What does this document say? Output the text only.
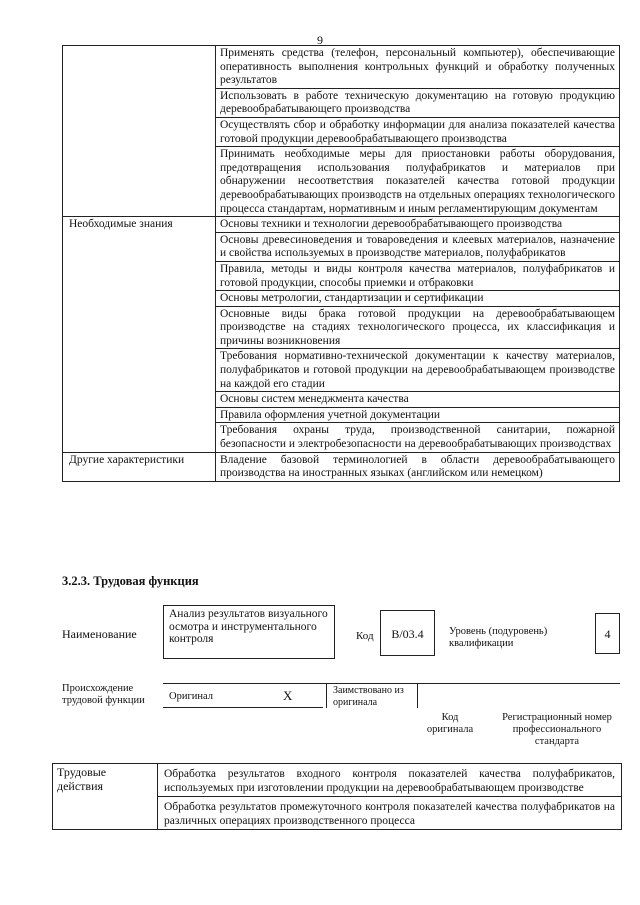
9
	Применять средства (телефон, персональный компьютер), обеспечивающие оперативность выполнения контрольных функций и обработку полученных результатов
	Использовать в работе техническую документацию на готовую продукцию деревообрабатывающего производства
	Осуществлять сбор и обработку информации для анализа показателей качества готовой продукции деревообрабатывающего производства
	Принимать необходимые меры для приостановки работы оборудования, предотвращения использования полуфабрикатов и материалов при обнаружении несоответствия показателей качества готовой продукции деревообрабатывающих производств на отдельных операциях технологического процесса стандартам, нормативным и иным регламентирующим документам
Необходимые знания	Основы техники и технологии деревообрабатывающего производства
	Основы древесиноведения и товароведения и клеевых материалов, назначение и свойства используемых в производстве материалов, полуфабрикатов
	Правила, методы и виды контроля качества материалов, полуфабрикатов и готовой продукции, способы приемки и отбраковки
	Основы метрологии, стандартизации и сертификации
	Основные виды брака готовой продукции на деревообрабатывающем производстве на стадиях технологического процесса, их классификация и причины возникновения
	Требования нормативно-технической документации к качеству материалов, полуфабрикатов и готовой продукции на деревообрабатывающем производстве на каждой его стадии
	Основы систем менеджмента качества
	Правила оформления учетной документации
	Требования охраны труда, производственной санитарии, пожарной безопасности и электробезопасности на деревообрабатывающих производствах
Другие характеристики	Владение базовой терминологией в области деревообрабатывающего производства на иностранных языках (английском или немецком)
3.2.3. Трудовая функция
Наименование
Анализ результатов визуального осмотра и инструментального контроля	Код	B/03.4	Уровень (подуровень) квалификации
4
Происхождение трудовой функции	Оригинал	X	Заимствовано из оригинала
Код оригинала
Регистрационный номер профессионального стандарта
Трудовые действия	Обработка результатов входного контроля показателей качества полуфабрикатов, используемых при изготовлении продукции на деревообрабатывающем производстве
Обработка результатов промежуточного контроля показателей качества полуфабрикатов на различных операциях производственного процесса
